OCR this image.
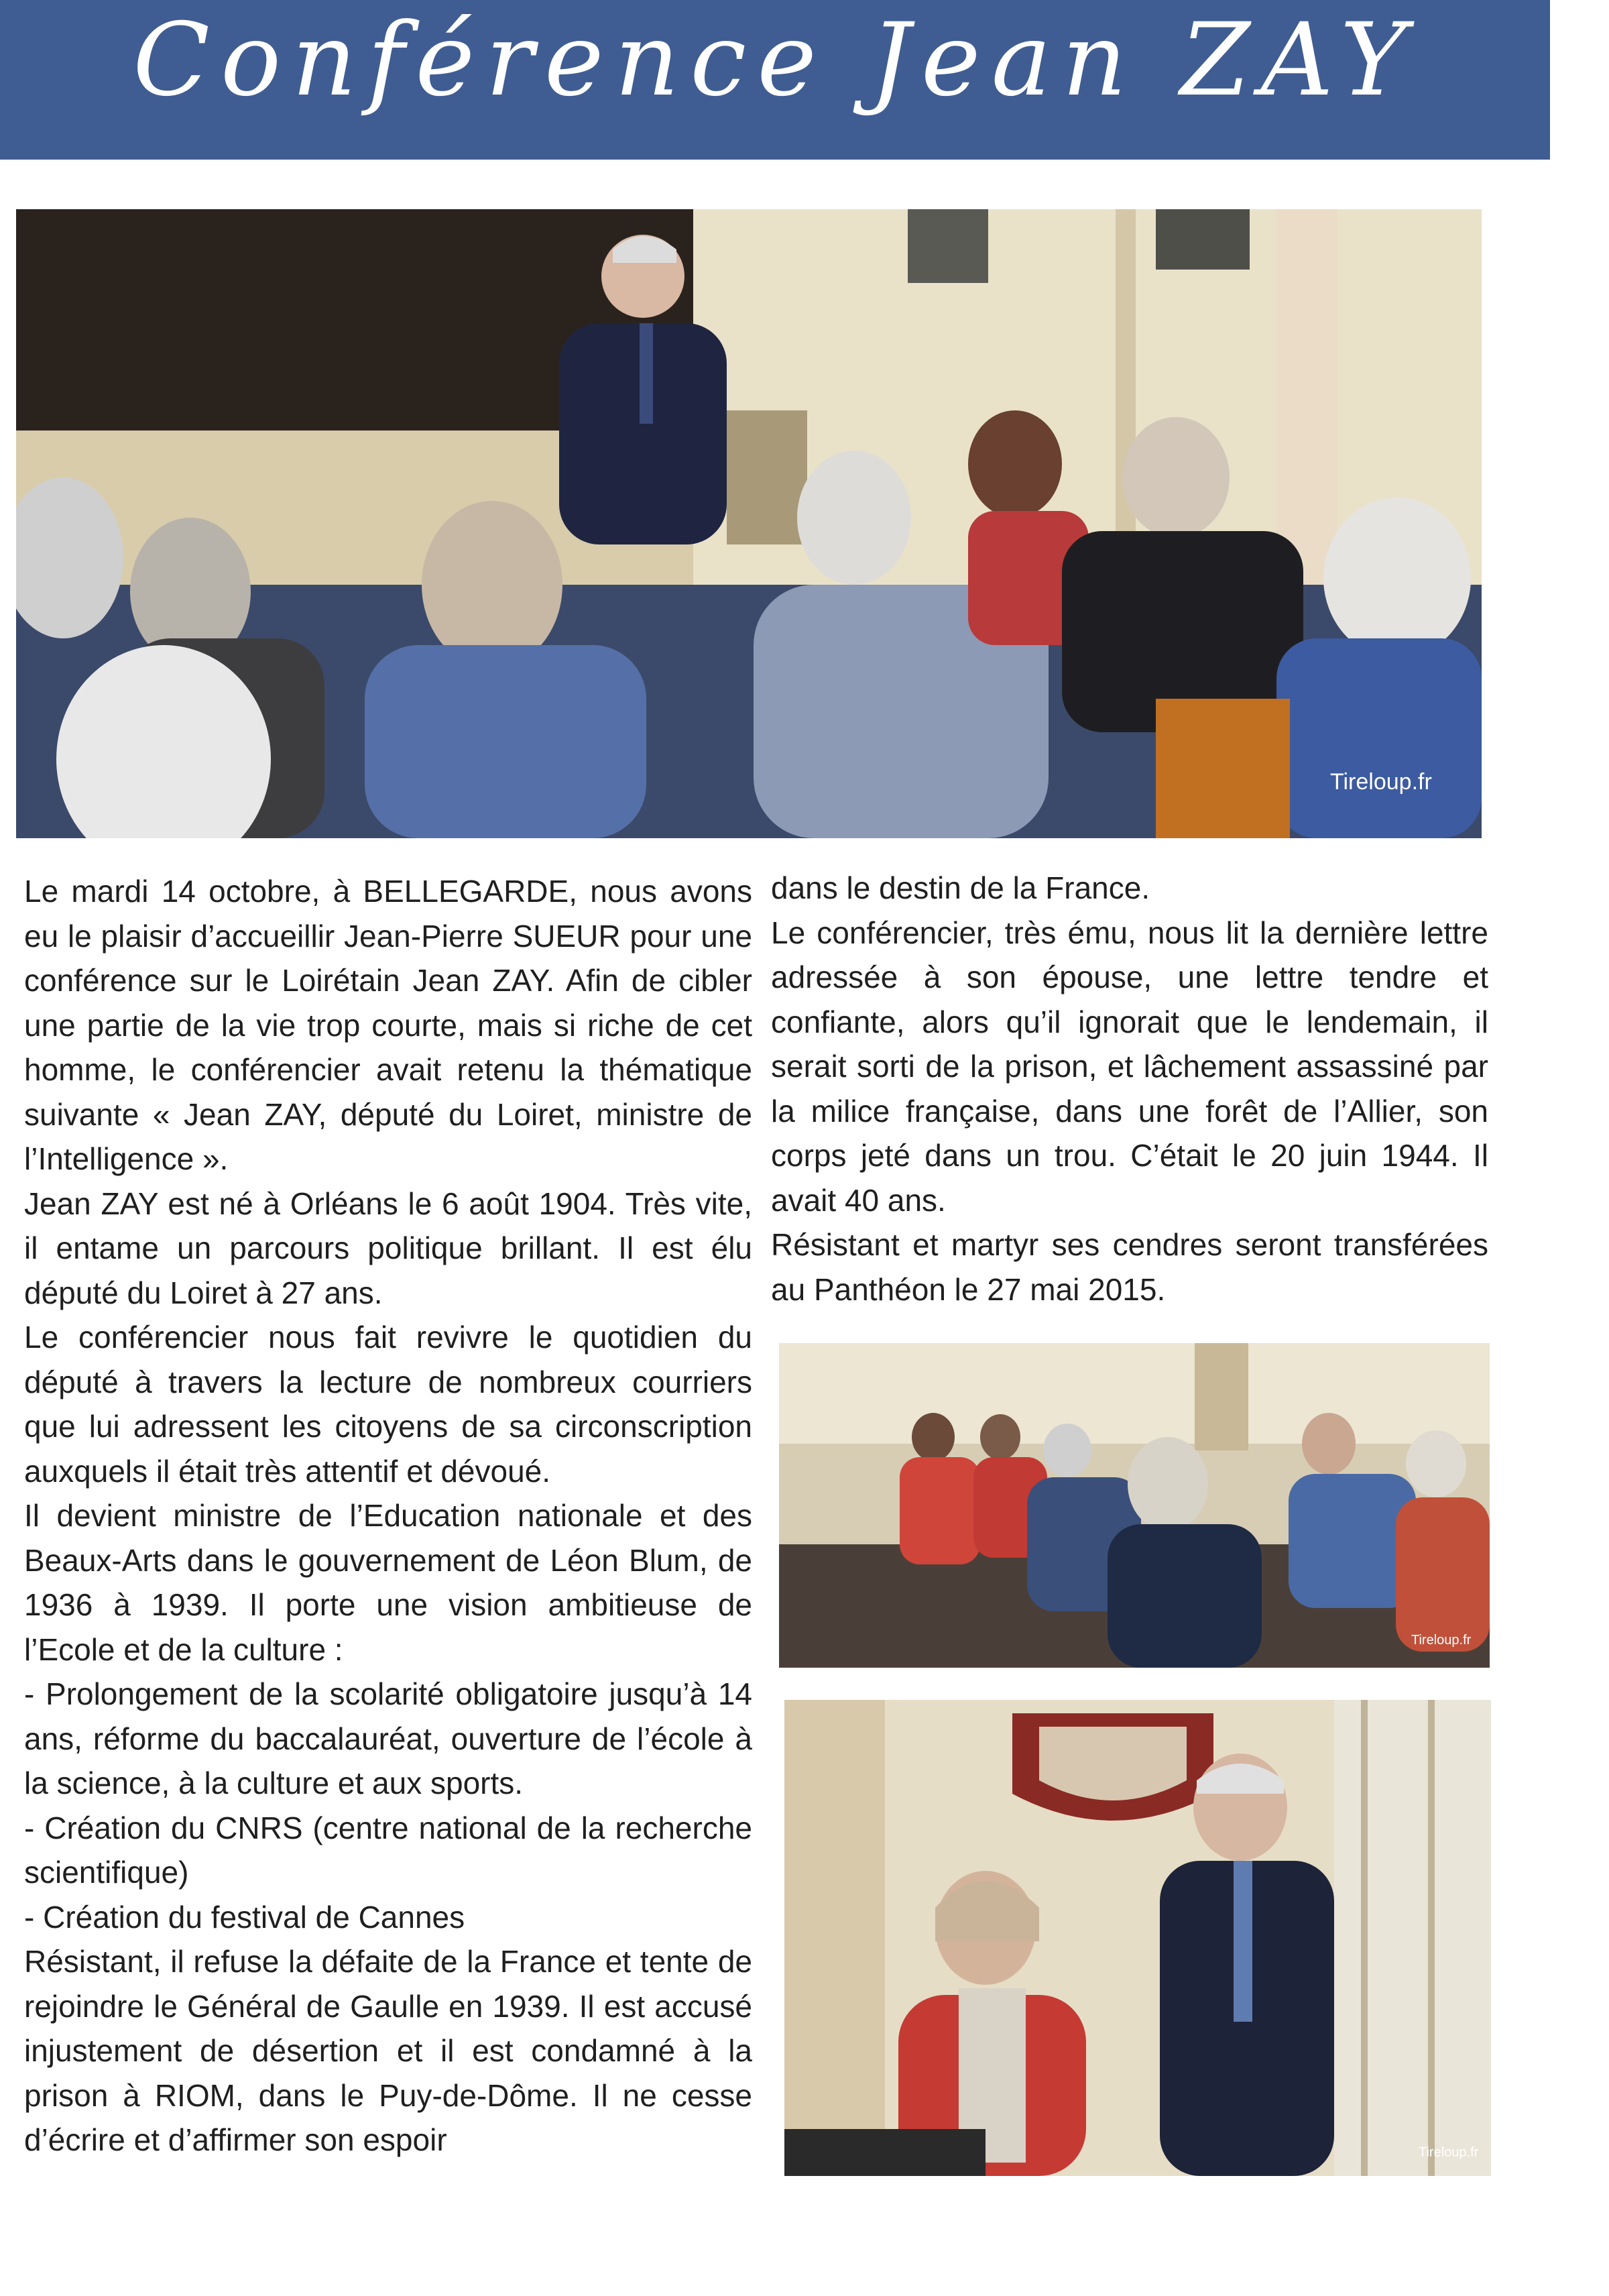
Conférence Jean ZAY
Tireloup.fr
Tireloup.fr
Tireloup.fr

Le mardi 14 octobre, à BELLEGARDE, nous avons eu le plaisir d’accueillir Jean-Pierre SUEUR pour une conférence sur le Loirétain Jean ZAY. Afin de cibler une partie de la vie trop courte, mais si riche de cet homme, le conférencier avait retenu la thématique suivante « Jean ZAY, député du Loiret, ministre de l’Intelligence ».

Jean ZAY est né à Orléans le 6 août 1904. Très vite, il entame un parcours politique brillant. Il est élu député du Loiret à 27 ans.

Le conférencier nous fait revivre le quotidien du député à travers la lecture de nombreux courriers que lui adressent les citoyens de sa circonscription auxquels il était très attentif et dévoué.

Il devient ministre de l’Education nationale et des Beaux-Arts dans le gouvernement de Léon Blum, de 1936 à 1939. Il porte une vision ambitieuse de l’Ecole et de la culture :

- Prolongement de la scolarité obligatoire jusqu’à 14 ans, réforme du baccalauréat, ouverture de l’école à la science, à la culture et aux sports.

- Création du CNRS (centre national de la recherche scientifique)

- Création du festival de Cannes

Résistant, il refuse la défaite de la France et tente de rejoindre le Général de Gaulle en 1939. Il est accusé injustement de désertion et il est condamné à la prison à RIOM, dans le Puy-de-Dôme. Il ne cesse d’écrire et d’affirmer son espoir

dans le destin de la France.

Le conférencier, très ému, nous lit la dernière lettre adressée à son épouse, une lettre tendre et confiante, alors qu’il ignorait que le lendemain, il serait sorti de la prison, et lâchement assassiné par la milice française, dans une forêt de l’Allier, son corps jeté dans un trou. C’était le 20 juin 1944. Il avait 40 ans.

Résistant et martyr ses cendres seront transférées au Panthéon le 27 mai 2015.
